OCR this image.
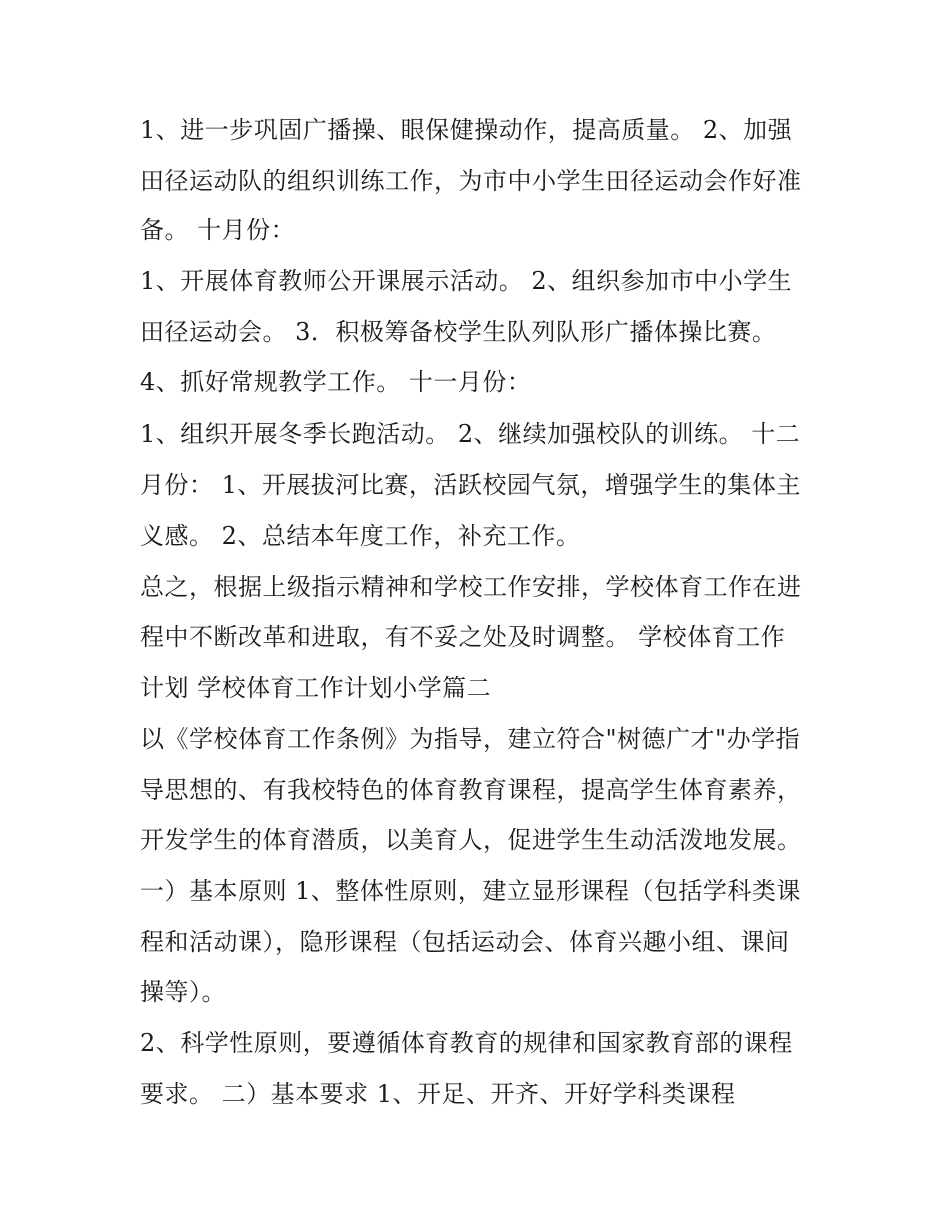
1、进一步巩固广播操、眼保健操动作，提高质量。 2、加强
田径运动队的组织训练工作，为市中小学生田径运动会作好准
备。 十月份：
1、开展体育教师公开课展示活动。 2、组织参加市中小学生
田径运动会。 3．积极筹备校学生队列队形广播体操比赛。
4、抓好常规教学工作。 十一月份：
1、组织开展冬季长跑活动。 2、继续加强校队的训练。 十二
月份： 1、开展拔河比赛，活跃校园气氛，增强学生的集体主
义感。 2、总结本年度工作，补充工作。
总之，根据上级指示精神和学校工作安排，学校体育工作在进
程中不断改革和进取，有不妥之处及时调整。 学校体育工作
计划 学校体育工作计划小学篇二
以《学校体育工作条例》为指导，建立符合"树德广才"办学指
导思想的、有我校特色的体育教育课程，提高学生体育素养，
开发学生的体育潜质，以美育人，促进学生生动活泼地发展。
一）基本原则 1、整体性原则，建立显形课程（包括学科类课
程和活动课），隐形课程（包括运动会、体育兴趣小组、课间
操等）。
2、科学性原则，要遵循体育教育的规律和国家教育部的课程
要求。 二）基本要求 1、开足、开齐、开好学科类课程
